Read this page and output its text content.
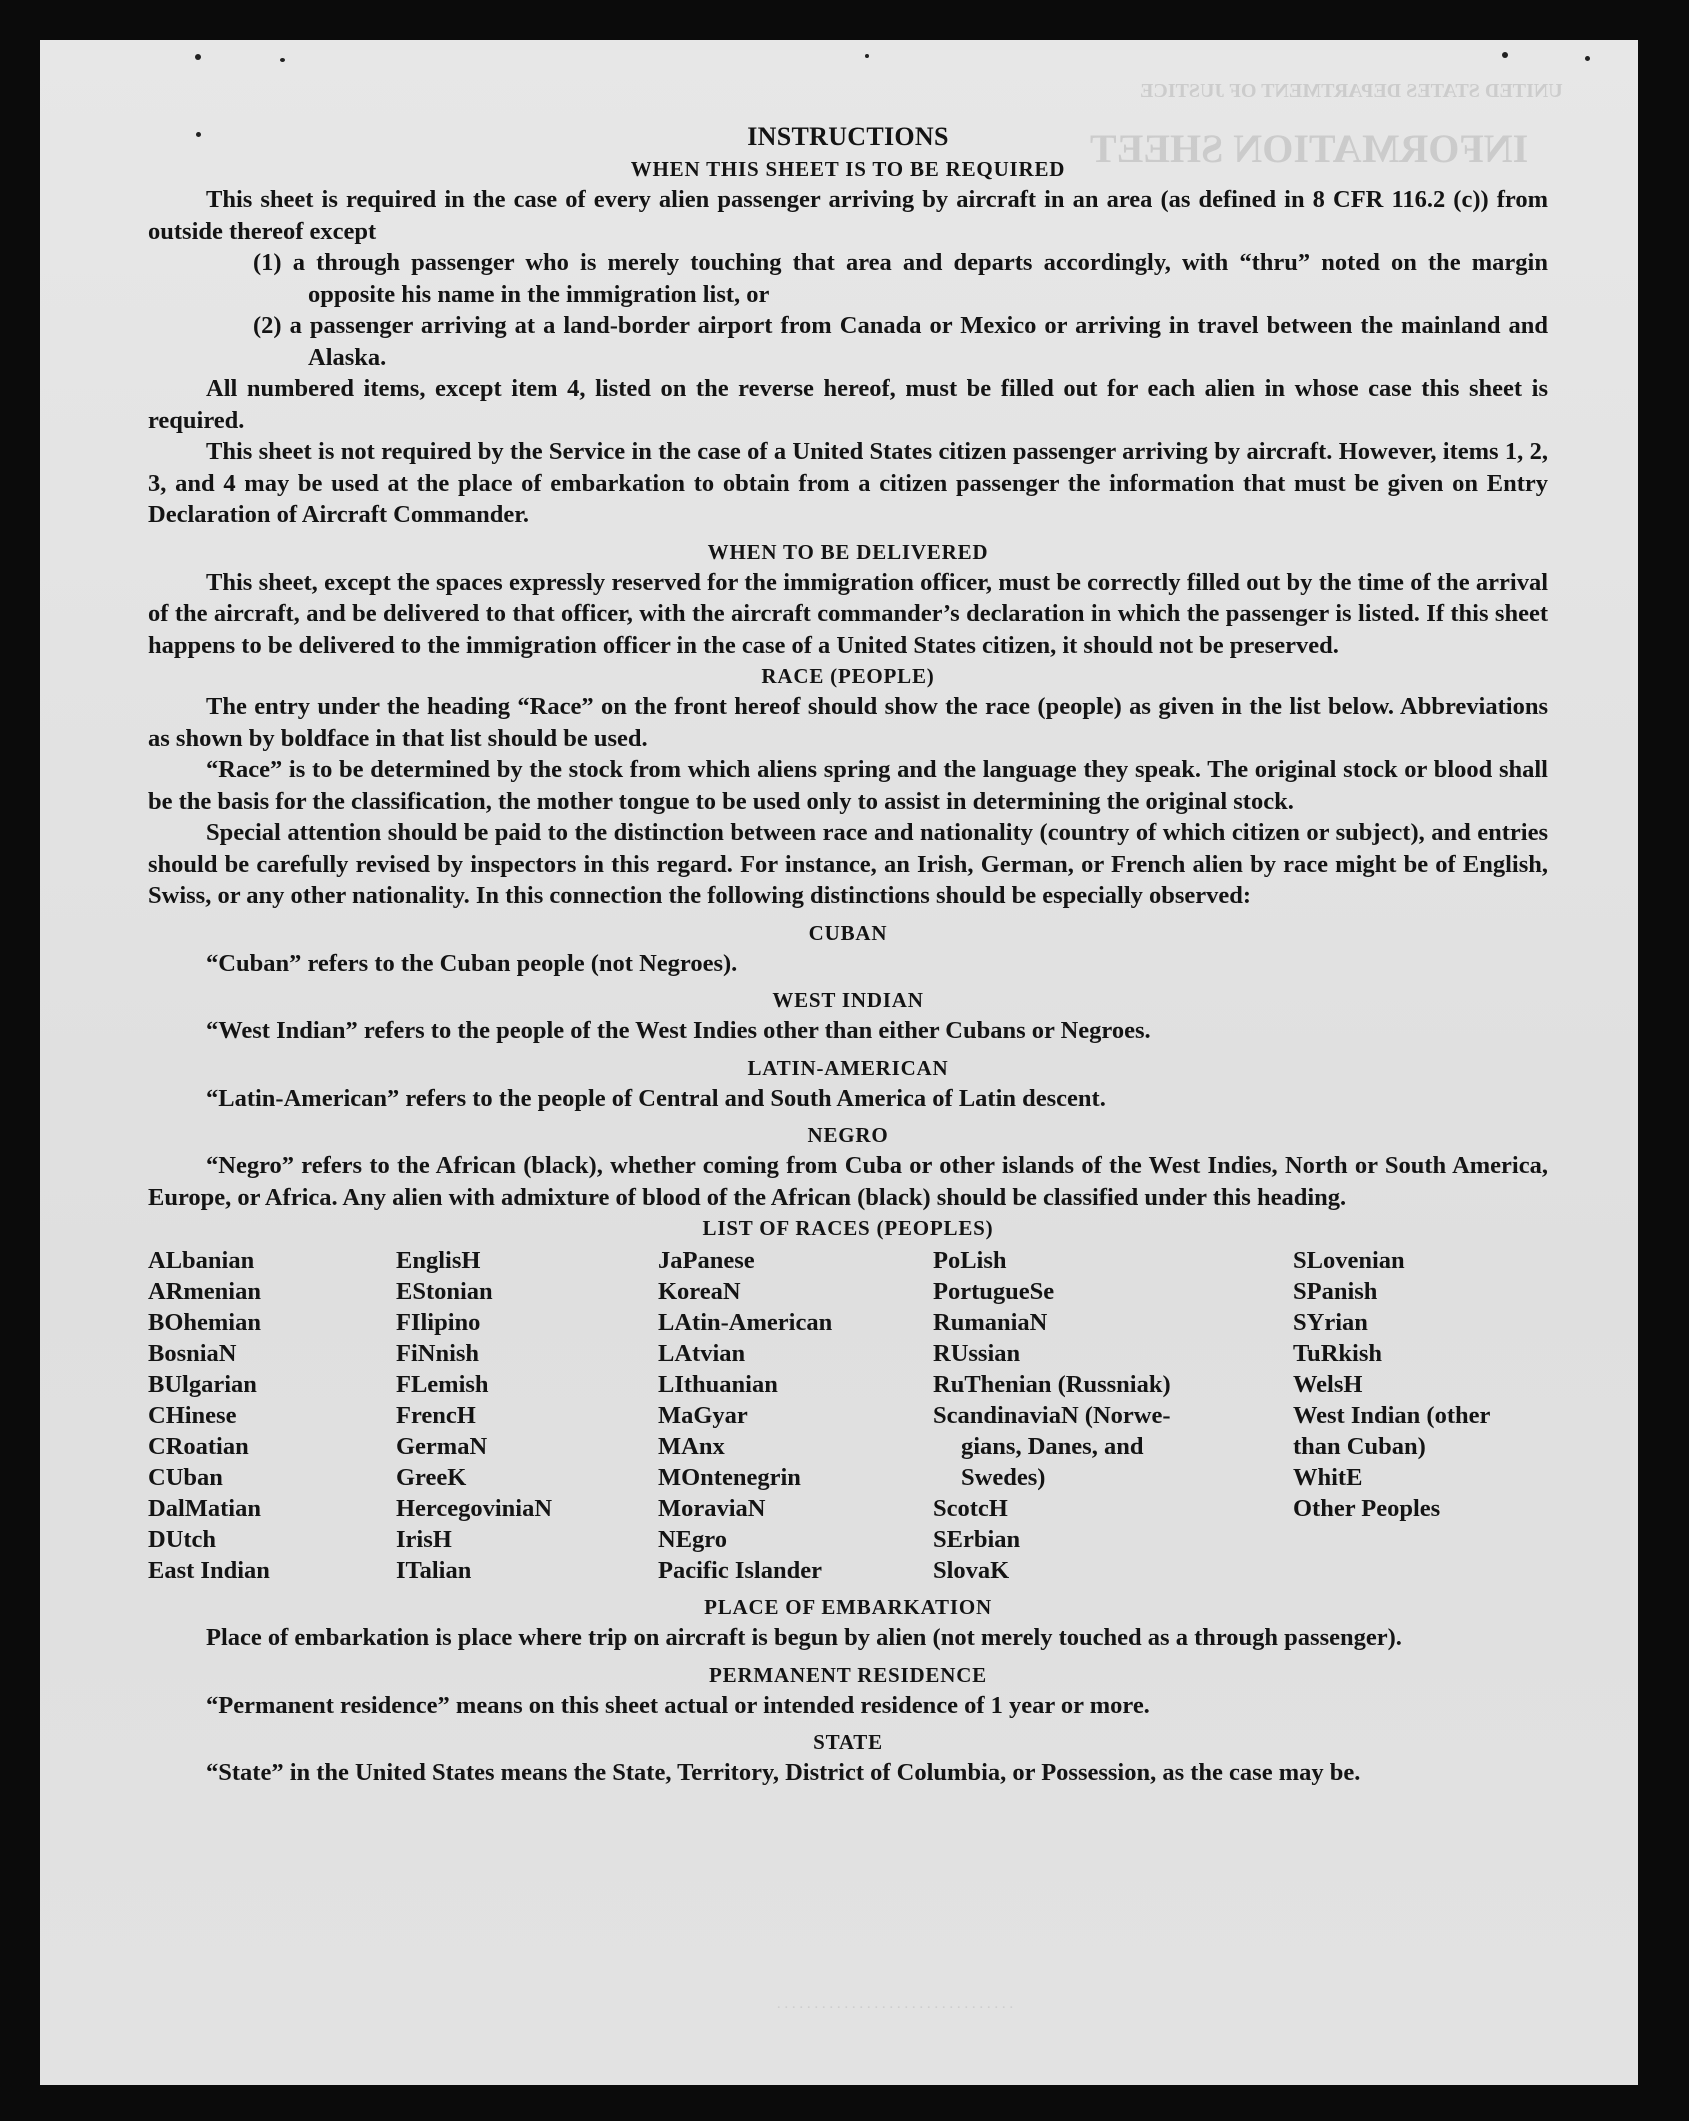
INFORMATION SHEET
UNITED STATES DEPARTMENT OF JUSTICE
. . . . . . . . . . . . . . . . . . . . . . . . . . . . . . . .
INSTRUCTIONS
WHEN THIS SHEET IS TO BE REQUIRED

This sheet is required in the case of every alien passenger arriving by aircraft in an area (as defined in 8 CFR 116.2 (c)) from outside thereof except

(1) a through passenger who is merely touching that area and departs accordingly, with “thru” noted on the margin opposite his name in the immigration list, or

(2) a passenger arriving at a land-border airport from Canada or Mexico or arriving in travel between the mainland and Alaska.

All numbered items, except item 4, listed on the reverse hereof, must be filled out for each alien in whose case this sheet is required.

This sheet is not required by the Service in the case of a United States citizen passenger arriving by aircraft. However, items 1, 2, 3, and 4 may be used at the place of embarkation to obtain from a citizen passenger the information that must be given on Entry Declaration of Aircraft Commander.

WHEN TO BE DELIVERED

This sheet, except the spaces expressly reserved for the immigration officer, must be correctly filled out by the time of the arrival of the aircraft, and be delivered to that officer, with the aircraft commander’s declaration in which the passenger is listed. If this sheet happens to be delivered to the immigration officer in the case of a United States citizen, it should not be preserved.

RACE (PEOPLE)

The entry under the heading “Race” on the front hereof should show the race (people) as given in the list below. Abbreviations as shown by boldface in that list should be used.

“Race” is to be determined by the stock from which aliens spring and the language they speak. The original stock or blood shall be the basis for the classification, the mother tongue to be used only to assist in determining the original stock.

Special attention should be paid to the distinction between race and nationality (country of which citizen or subject), and entries should be carefully revised by inspectors in this regard. For instance, an Irish, German, or French alien by race might be of English, Swiss, or any other nationality. In this connection the following distinctions should be especially observed:

CUBAN

“Cuban” refers to the Cuban people (not Negroes).

WEST INDIAN

“West Indian” refers to the people of the West Indies other than either Cubans or Negroes.

LATIN-AMERICAN

“Latin-American” refers to the people of Central and South America of Latin descent.

NEGRO

“Negro” refers to the African (black), whether coming from Cuba or other islands of the West Indies, North or South America, Europe, or Africa. Any alien with admixture of blood of the African (black) should be classified under this heading.

LIST OF RACES (PEOPLES)
ALbanian
ARmenian
BOhemian
BosniaN
BUlgarian
CHinese
CRoatian
CUban
DalMatian
DUtch
East Indian
EnglisH
EStonian
FIlipino
FiNnish
FLemish
FrencH
GermaN
GreeK
HercegoviniaN
IrisH
ITalian
JaPanese
KoreaN
LAtin-American
LAtvian
LIthuanian
MaGyar
MAnx
MOntenegrin
MoraviaN
NEgro
Pacific Islander
PoLish
PortugueSe
RumaniaN
RUssian
RuThenian (Russniak)
ScandinaviaN (Norwe-
gians, Danes, and
Swedes)
ScotcH
SErbian
SlovaK
SLovenian
SPanish
SYrian
TuRkish
WelsH
West Indian (other
than Cuban)
WhitE
Other Peoples
PLACE OF EMBARKATION

Place of embarkation is place where trip on aircraft is begun by alien (not merely touched as a through passenger).

PERMANENT RESIDENCE

“Permanent residence” means on this sheet actual or intended residence of 1 year or more.

STATE

“State” in the United States means the State, Territory, District of Columbia, or Possession, as the case may be.
